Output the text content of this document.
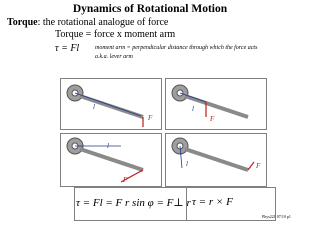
Dynamics of Rotational Motion
Torque: the rotational analogue of force
Torque = force x moment arm
τ = Fl	moment arm = perpendicular distance through which the force acts
a.k.a. lever arm
l
F
l
F
l
F
l	F
τ = Fl = F r sin φ = F⊥ r τ = r × F
Phys221 07/10 p1
